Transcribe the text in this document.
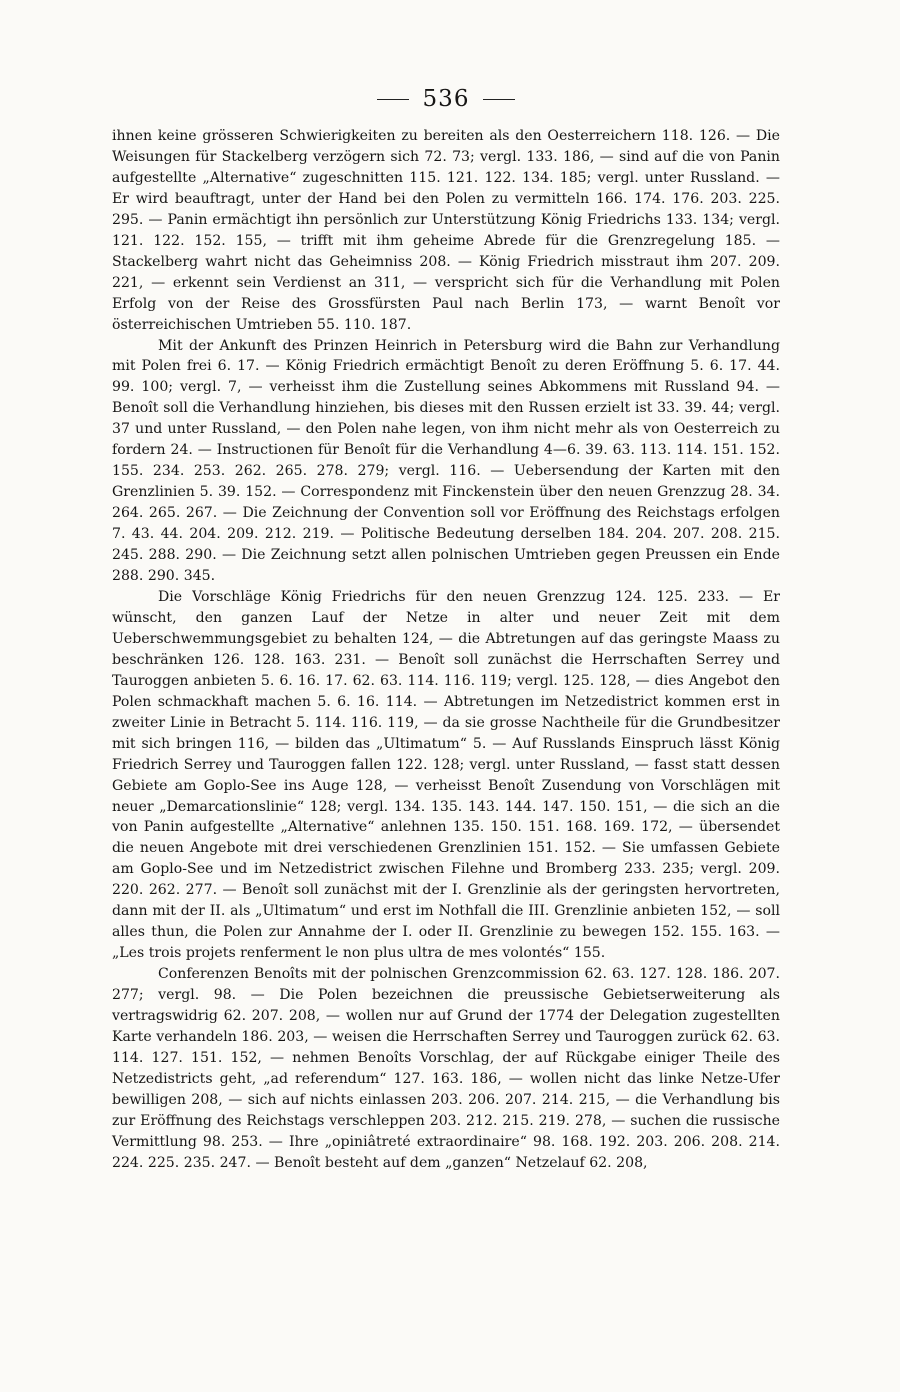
536

ihnen keine grösseren Schwierigkeiten zu bereiten als den Oesterreichern 118. 126. — Die Weisungen für Stackelberg verzögern sich 72. 73; vergl. 133. 186, — sind auf die von Panin aufgestellte „Alternative“ zugeschnitten 115. 121. 122. 134. 185; vergl. unter Russland. — Er wird beauftragt, unter der Hand bei den Polen zu vermitteln 166. 174. 176. 203. 225. 295. — Panin ermächtigt ihn persönlich zur Unterstützung König Friedrichs 133. 134; vergl. 121. 122. 152. 155, — trifft mit ihm geheime Abrede für die Grenzregelung 185. — Stackelberg wahrt nicht das Geheimniss 208. — König Friedrich misstraut ihm 207. 209. 221, — erkennt sein Verdienst an 311, — verspricht sich für die Verhandlung mit Polen Erfolg von der Reise des Grossfürsten Paul nach Berlin 173, — warnt Benoît vor österreichischen Umtrieben 55. 110. 187.

Mit der Ankunft des Prinzen Heinrich in Petersburg wird die Bahn zur Verhandlung mit Polen frei 6. 17. — König Friedrich ermächtigt Benoît zu deren Eröffnung 5. 6. 17. 44. 99. 100; vergl. 7, — verheisst ihm die Zustellung seines Abkommens mit Russland 94. — Benoît soll die Verhandlung hinziehen, bis dieses mit den Russen erzielt ist 33. 39. 44; vergl. 37 und unter Russland, — den Polen nahe legen, von ihm nicht mehr als von Oesterreich zu fordern 24. — Instructionen für Benoît für die Verhandlung 4—6. 39. 63. 113. 114. 151. 152. 155. 234. 253. 262. 265. 278. 279; vergl. 116. — Uebersendung der Karten mit den Grenzlinien 5. 39. 152. — Correspondenz mit Finckenstein über den neuen Grenzzug 28. 34. 264. 265. 267. — Die Zeichnung der Convention soll vor Eröffnung des Reichstags erfolgen 7. 43. 44. 204. 209. 212. 219. — Politische Bedeutung derselben 184. 204. 207. 208. 215. 245. 288. 290. — Die Zeichnung setzt allen polnischen Umtrieben gegen Preussen ein Ende 288. 290. 345.

Die Vorschläge König Friedrichs für den neuen Grenzzug 124. 125. 233. — Er wünscht, den ganzen Lauf der Netze in alter und neuer Zeit mit dem Ueberschwemmungsgebiet zu behalten 124, — die Abtretungen auf das geringste Maass zu beschränken 126. 128. 163. 231. — Benoît soll zunächst die Herrschaften Serrey und Tauroggen anbieten 5. 6. 16. 17. 62. 63. 114. 116. 119; vergl. 125. 128, — dies Angebot den Polen schmackhaft machen 5. 6. 16. 114. — Abtretungen im Netzedistrict kommen erst in zweiter Linie in Betracht 5. 114. 116. 119, — da sie grosse Nachtheile für die Grundbesitzer mit sich bringen 116, — bilden das „Ultimatum“ 5. — Auf Russlands Einspruch lässt König Friedrich Serrey und Tauroggen fallen 122. 128; vergl. unter Russland, — fasst statt dessen Gebiete am Goplo-See ins Auge 128, — verheisst Benoît Zusendung von Vorschlägen mit neuer „Demarcationslinie“ 128; vergl. 134. 135. 143. 144. 147. 150. 151, — die sich an die von Panin aufgestellte „Alternative“ anlehnen 135. 150. 151. 168. 169. 172, — übersendet die neuen Angebote mit drei verschiedenen Grenzlinien 151. 152. — Sie umfassen Gebiete am Goplo-See und im Netzedistrict zwischen Filehne und Bromberg 233. 235; vergl. 209. 220. 262. 277. — Benoît soll zunächst mit der I. Grenzlinie als der geringsten hervortreten, dann mit der II. als „Ultimatum“ und erst im Nothfall die III. Grenzlinie anbieten 152, — soll alles thun, die Polen zur Annahme der I. oder II. Grenzlinie zu bewegen 152. 155. 163. — „Les trois projets renferment le non plus ultra de mes volontés“ 155.

Conferenzen Benoîts mit der polnischen Grenzcommission 62. 63. 127. 128. 186. 207. 277; vergl. 98. — Die Polen bezeichnen die preussische Gebietserweiterung als vertragswidrig 62. 207. 208, — wollen nur auf Grund der 1774 der Delegation zugestellten Karte verhandeln 186. 203, — weisen die Herrschaften Serrey und Tauroggen zurück 62. 63. 114. 127. 151. 152, — nehmen Benoîts Vorschlag, der auf Rückgabe einiger Theile des Netzedistricts geht, „ad referendum“ 127. 163. 186, — wollen nicht das linke Netze-Ufer bewilligen 208, — sich auf nichts einlassen 203. 206. 207. 214. 215, — die Verhandlung bis zur Eröffnung des Reichstags verschleppen 203. 212. 215. 219. 278, — suchen die russische Vermittlung 98. 253. — Ihre „opiniâtreté extraordinaire“ 98. 168. 192. 203. 206. 208. 214. 224. 225. 235. 247. — Benoît besteht auf dem „ganzen“ Netzelauf 62. 208,
